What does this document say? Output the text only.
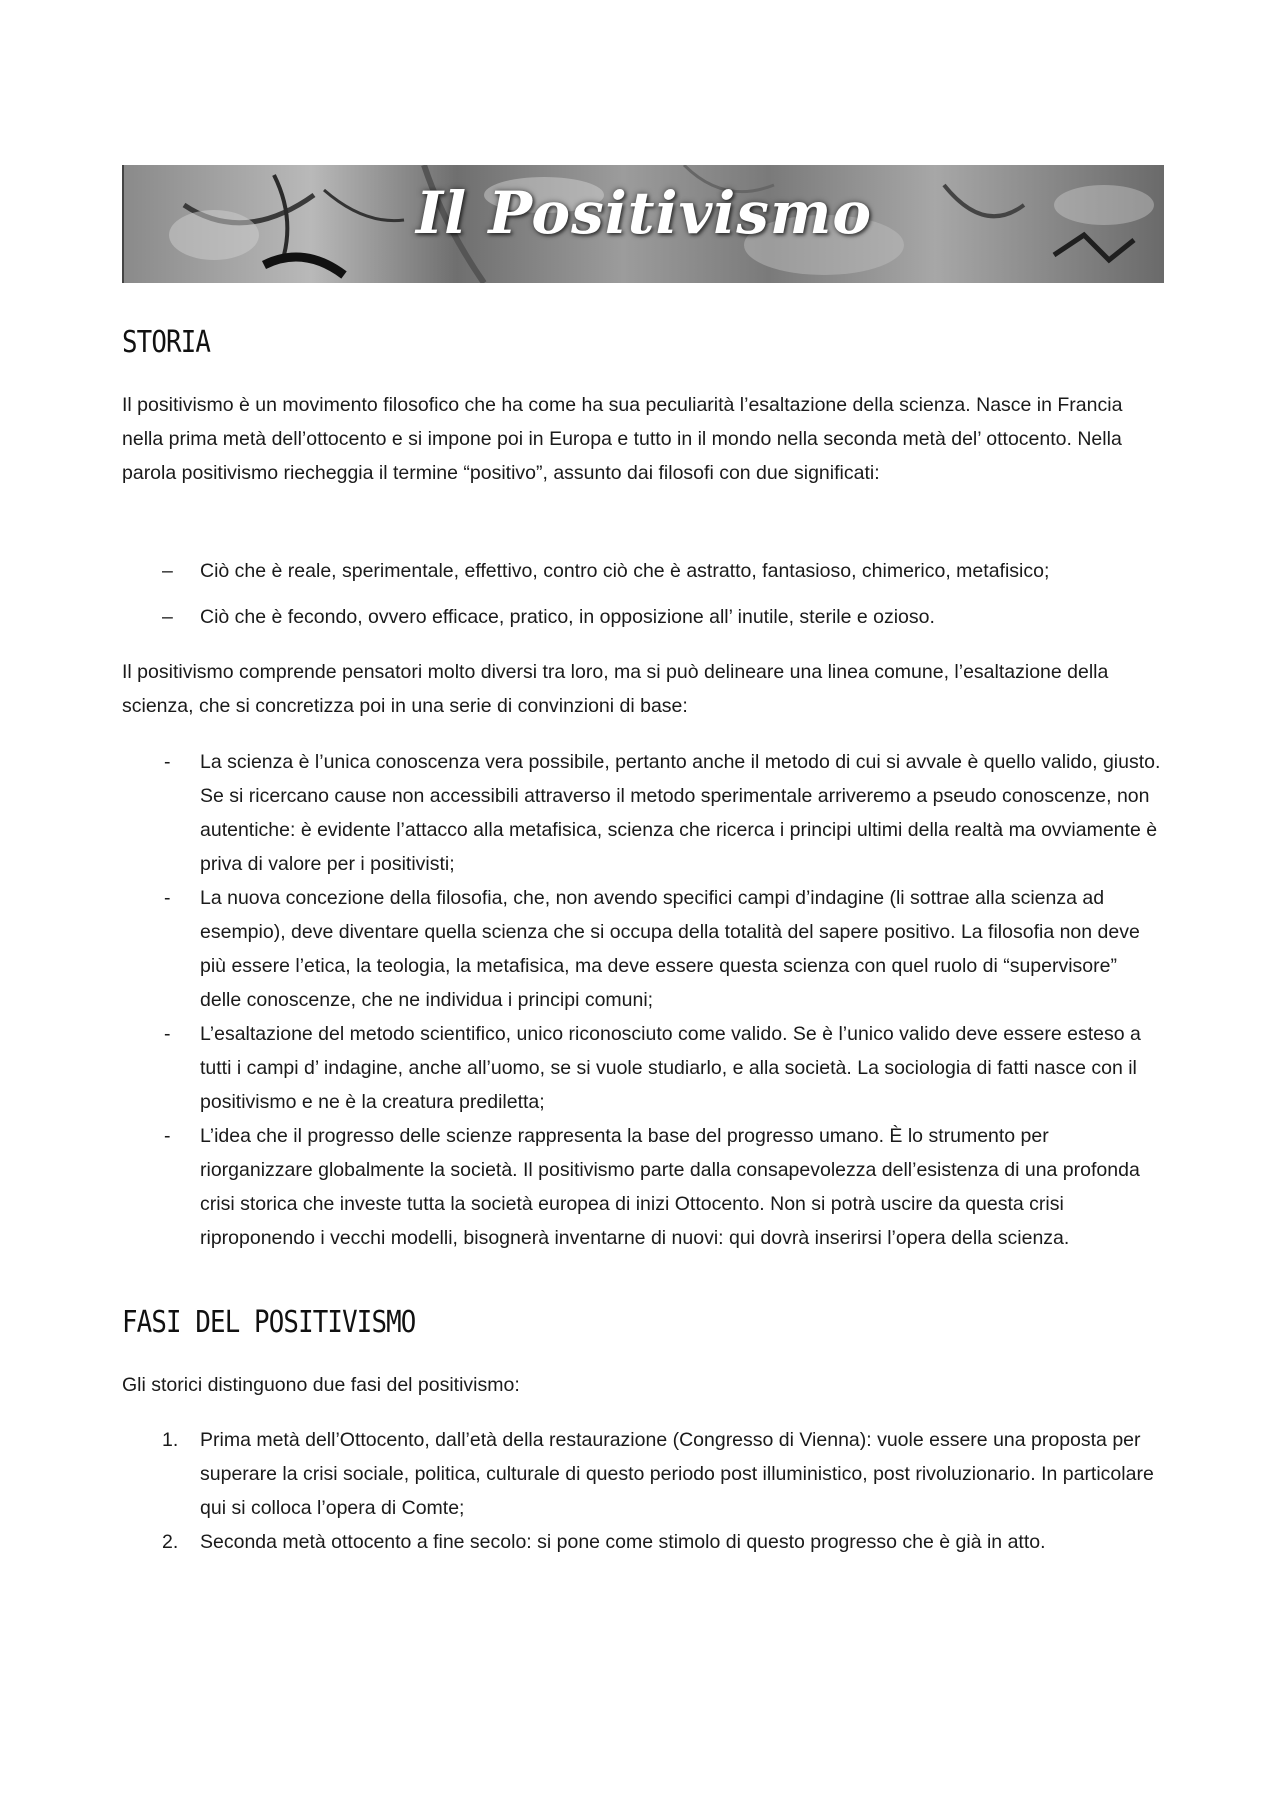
Il Positivismo
STORIA

Il positivismo è un movimento filosofico che ha come ha sua peculiarità l’esaltazione della scienza. Nasce in Francia nella prima metà dell’ottocento e si impone poi in Europa e tutto in il mondo nella seconda metà del’ ottocento. Nella parola positivismo riecheggia il termine “positivo”, assunto dai filosofi con due significati:

– Ciò che è reale, sperimentale, effettivo, contro ciò che è astratto, fantasioso, chimerico, metafisico;
– Ciò che è fecondo, ovvero efficace, pratico, in opposizione all’ inutile, sterile e ozioso.

Il positivismo comprende pensatori molto diversi tra loro, ma si può delineare una linea comune, l’esaltazione della scienza, che si concretizza poi in una serie di convinzioni di base:

- La scienza è l’unica conoscenza vera possibile, pertanto anche il metodo di cui si avvale è quello valido, giusto. Se si ricercano cause non accessibili attraverso il metodo sperimentale arriveremo a pseudo conoscenze, non autentiche: è evidente l’attacco alla metafisica, scienza che ricerca i principi ultimi della realtà ma ovviamente è priva di valore per i positivisti;

- La nuova concezione della filosofia, che, non avendo specifici campi d’indagine (li sottrae alla scienza ad esempio), deve diventare quella scienza che si occupa della totalità del sapere positivo. La filosofia non deve più essere l’etica, la teologia, la metafisica, ma deve essere questa scienza con quel ruolo di “supervisore” delle conoscenze, che ne individua i principi comuni;

- L’esaltazione del metodo scientifico, unico riconosciuto come valido. Se è l’unico valido deve essere esteso a tutti i campi d’ indagine, anche all’uomo, se si vuole studiarlo, e alla società. La sociologia di fatti nasce con il positivismo e ne è la creatura prediletta;

- L’idea che il progresso delle scienze rappresenta la base del progresso umano. È lo strumento per riorganizzare globalmente la società. Il positivismo parte dalla consapevolezza dell’esistenza di una profonda crisi storica che investe tutta la società europea di inizi Ottocento. Non si potrà uscire da questa crisi riproponendo i vecchi modelli, bisognerà inventarne di nuovi: qui dovrà inserirsi l’opera della scienza.

FASI DEL POSITIVISMO

Gli storici distinguono due fasi del positivismo:

1. Prima metà dell’Ottocento, dall’età della restaurazione (Congresso di Vienna): vuole essere una proposta per superare la crisi sociale, politica, culturale di questo periodo post illuministico, post rivoluzionario. In particolare qui si colloca l’opera di Comte;

2. Seconda metà ottocento a fine secolo: si pone come stimolo di questo progresso che è già in atto.
